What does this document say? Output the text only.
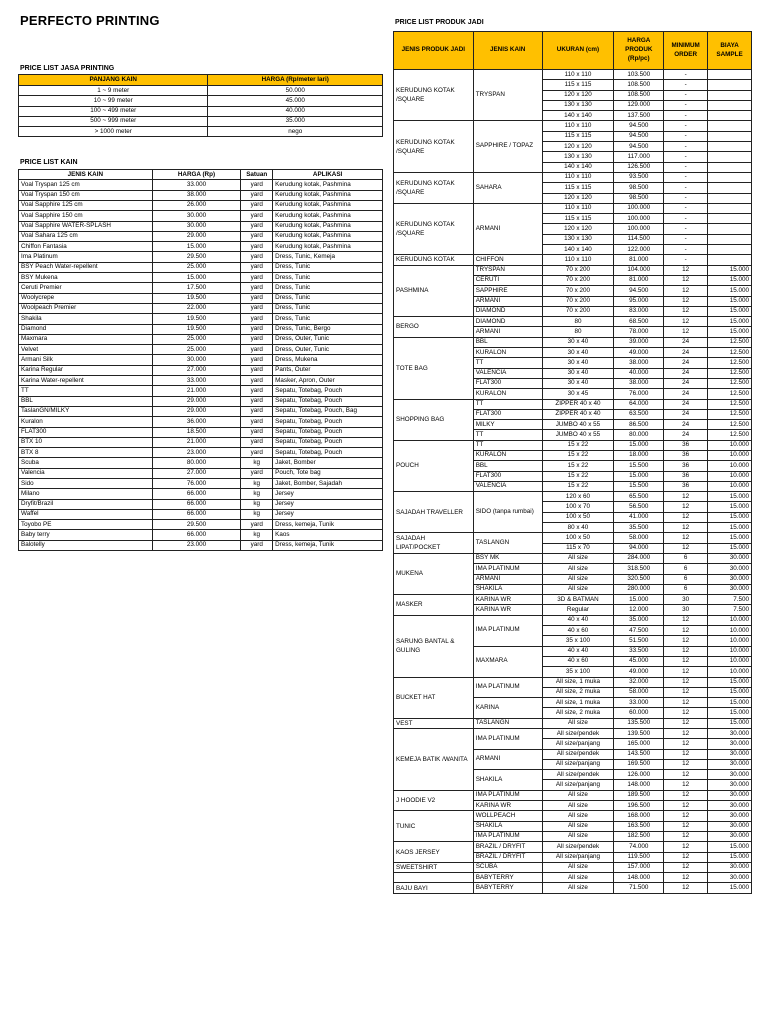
PERFECTO PRINTING
PRICE LIST JASA PRINTING
PANJANG KAIN	HARGA (Rp/meter lari)
1 ~ 9 meter	50.000
10 ~ 99 meter	45.000
100 ~ 499 meter	40.000
500 ~ 999 meter	35.000
> 1000 meter	nego
PRICE LIST KAIN
JENIS KAIN	HARGA (Rp)	Satuan	APLIKASI
Voal Tryspan 125 cm	33.000	yard	Kerudung kotak, Pashmina
Voal Tryspan 150 cm	38.000	yard	Kerudung kotak, Pashmina
Voal Sapphire 125 cm	26.000	yard	Kerudung kotak, Pashmina
Voal Sapphire 150 cm	30.000	yard	Kerudung kotak, Pashmina
Voal Sapphire WATER-SPLASH	30.000	yard	Kerudung kotak, Pashmina
Voal Sahara 125 cm	29.000	yard	Kerudung kotak, Pashmina
Chiffon Fantasia	15.000	yard	Kerudung kotak, Pashmina
Ima Platinum	29.500	yard	Dress, Tunic, Kemeja
BSY Peach Water-repellent	25.000	yard	Dress, Tunic
BSY Mukena	15.000	yard	Dress, Tunic
Ceruti Premier	17.500	yard	Dress, Tunic
Woolycrepe	19.500	yard	Dress, Tunic
Woolpeach Premier	22.000	yard	Dress, Tunic
Shakila	19.500	yard	Dress, Tunic
Diamond	19.500	yard	Dress, Tunic, Bergo
Maxmara	25.000	yard	Dress, Outer, Tunic
Velvet	25.000	yard	Dress, Outer, Tunic
Armani Silk	30.000	yard	Dress, Mukena
Karina Regular	27.000	yard	Pants, Outer
Karina Water-repellent	33.000	yard	Masker, Apron, Outer
TT	21.000	yard	Sepatu, Totebag, Pouch
BBL	29.000	yard	Sepatu, Totebag, Pouch
TaslanGN/MILKY	29.000	yard	Sepatu, Totebag, Pouch, Bag
Kuralon	36.000	yard	Sepatu, Totebag, Pouch
FLAT300	18.500	yard	Sepatu, Totebag, Pouch
BTX 10	21.000	yard	Sepatu, Totebag, Pouch
BTX 8	23.000	yard	Sepatu, Totebag, Pouch
Scuba	80.000	kg	Jaket, Bomber
Valencia	27.000	yard	Pouch, Tote bag
Sido	76.000	kg	Jaket, Bomber, Sajadah
Milano	66.000	kg	Jersey
Dryfit/Brazil	66.000	kg	Jersey
Waffel	66.000	kg	Jersey
Toyobo PE	29.500	yard	Dress, kemeja, Tunik
Baby terry	66.000	kg	Kaos
Balotelly	23.000	yard	Dress, kemeja, Tunik
PRICE LIST PRODUK JADI
JENIS PRODUK JADI	JENIS KAIN	UKURAN (cm)	HARGA PRODUK (Rp/pc)	MINIMUM ORDER	BIAYA SAMPLE
KERUDUNG KOTAK /SQUARE	TRYSPAN	110 x 110	103.500	-	
		115 x 115	108.500	-	
		120 x 120	108.500	-	
		130 x 130	129.000	-	
		140 x 140	137.500	-	
KERUDUNG KOTAK /SQUARE	SAPPHIRE / TOPAZ	110 x 110	94.500	-	
		115 x 115	94.500	-	
		120 x 120	94.500	-	
		130 x 130	117.000	-	
		140 x 140	126.500	-	
KERUDUNG KOTAK /SQUARE	SAHARA	110 x 110	93.500	-	
		115 x 115	98.500	-	
		120 x 120	98.500	-	
KERUDUNG KOTAK /SQUARE	ARMANI	110 x 110	100.000	-	
		115 x 115	100.000	-	
		120 x 120	100.000	-	
		130 x 130	114.500	-	
		140 x 140	122.000	-	
KERUDUNG KOTAK	CHIFFON	110 x 110	81.000	-	
PASHMINA	TRYSPAN	70 x 200	104.000	12	15.000
	CERUTI	70 x 200	81.000	12	15.000
	SAPPHIRE	70 x 200	94.500	12	15.000
	ARMANI	70 x 200	95.000	12	15.000
	DIAMOND	70 x 200	83.000	12	15.000
BERGO	DIAMOND	80	68.500	12	15.000
	ARMANI	80	78.000	12	15.000
TOTE BAG	BBL	30 x 40	39.000	24	12.500
	KURALON	30 x 40	49.000	24	12.500
	TT	30 x 40	38.000	24	12.500
	VALENCIA	30 x 40	40.000	24	12.500
	FLAT300	30 x 40	38.000	24	12.500
	KURALON	30 x 45	76.000	24	12.500
SHOPPING BAG	TT	ZIPPER 40 x 40	64.000	24	12.500
	FLAT300	ZIPPER 40 x 40	63.500	24	12.500
	MILKY	JUMBO 40 x 55	86.500	24	12.500
	TT	JUMBO 40 x 55	80.000	24	12.500
POUCH	TT	15 x 22	15.000	36	10.000
	KURALON	15 x 22	18.000	36	10.000
	BBL	15 x 22	15.500	36	10.000
	FLAT300	15 x 22	15.000	36	10.000
	VALENCIA	15 x 22	15.500	36	10.000
SAJADAH TRAVELLER	SIDO (tanpa rumbai)	120 x 60	65.500	12	15.000
		100 x 70	56.500	12	15.000
		100 x 50	41.000	12	15.000
		80 x 40	35.500	12	15.000
SAJADAH LIPAT/POCKET	TASLANGN	100 x 50	58.000	12	15.000
		115 x 70	94.000	12	15.000
MUKENA	BSY MK	All size	284.000	6	30.000
	IMA PLATINUM	All size	318.500	6	30.000
	ARMANI	All size	320.500	6	30.000
	SHAKILA	All size	280.000	6	30.000
MASKER	KARINA WR	3D & BATMAN	15.000	30	7.500
	KARINA WR	Regular	12.000	30	7.500
SARUNG BANTAL & GULING	IMA PLATINUM	40 x 40	35.000	12	10.000
		40 x 60	47.500	12	10.000
		35 x 100	51.500	12	10.000
	MAXMARA	40 x 40	33.500	12	10.000
		40 x 60	45.000	12	10.000
		35 x 100	49.000	12	10.000
BUCKET HAT	IMA PLATINUM	All size, 1 muka	32.000	12	15.000
		All size, 2 muka	58.000	12	15.000
	KARINA	All size, 1 muka	33.000	12	15.000
		All size, 2 muka	60.000	12	15.000
VEST	TASLANGN	All size	135.500	12	15.000
KEMEJA BATIK /WANITA	IMA PLATINUM	All size/pendek	139.500	12	30.000
		All size/panjang	165.000	12	30.000
	ARMANI	All size/pendek	143.500	12	30.000
		All size/panjang	169.500	12	30.000
	SHAKILA	All size/pendek	126.000	12	30.000
		All size/panjang	148.000	12	30.000
J HOODIE V2	IMA PLATINUM	All size	189.500	12	30.000
	KARINA WR	All size	196.500	12	30.000
TUNIC	WOLLPEACH	All size	168.000	12	30.000
	SHAKILA	All size	163.500	12	30.000
	IMA PLATINUM	All size	182.500	12	30.000
KAOS JERSEY	BRAZIL / DRYFIT	All size/pendek	74.000	12	15.000
	BRAZIL / DRYFIT	All size/panjang	119.500	12	15.000
SWEETSHIRT	SCUBA	All size	157.000	12	30.000
	BABYTERRY	All size	148.000	12	30.000
BAJU BAYI	BABYTERRY	All size	71.500	12	15.000
